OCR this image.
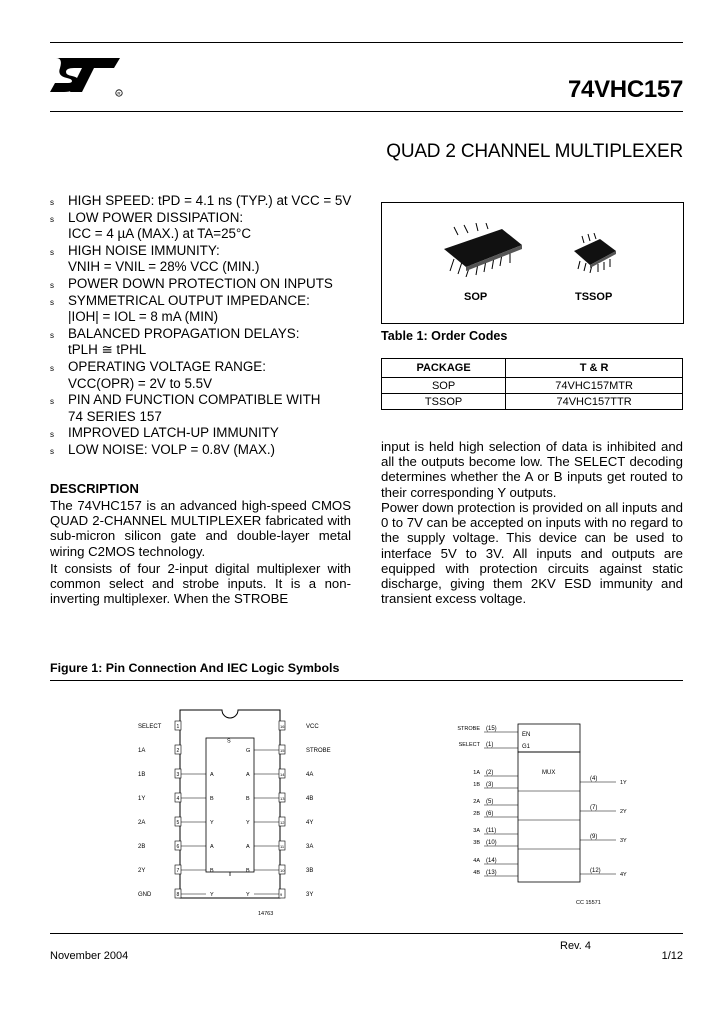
R	74VHC157
QUAD 2 CHANNEL MULTIPLEXER
s HIGH SPEED: tPD = 4.1 ns (TYP.) at VCC = 5V
s LOW POWER DISSIPATION:
ICC = 4 µA (MAX.) at TA=25°C
s HIGH NOISE IMMUNITY:
VNIH = VNIL = 28% VCC (MIN.)
s POWER DOWN PROTECTION ON INPUTS
s SYMMETRICAL OUTPUT IMPEDANCE:
|IOH| = IOL = 8 mA (MIN)
s BALANCED PROPAGATION DELAYS:
tPLH ≅ tPHL
s OPERATING VOLTAGE RANGE:
VCC(OPR) = 2V to 5.5V
s PIN AND FUNCTION COMPATIBLE WITH
74 SERIES 157
s IMPROVED LATCH-UP IMMUNITY
s LOW NOISE: VOLP = 0.8V (MAX.)
DESCRIPTION
The 74VHC157 is an advanced high-speed CMOS QUAD 2-CHANNEL MULTIPLEXER fabricated with sub-micron silicon gate and double-layer metal wiring C2MOS technology.
It consists of four 2-input digital multiplexer with common select and strobe inputs. It is a non-inverting multiplexer. When the STROBE
SOP	TSSOP
Table 1: Order Codes
PACKAGE	T & R
SOP	74VHC157MTR
TSSOP	74VHC157TTR
input is held high selection of data is inhibited and all the outputs become low. The SELECT decoding determines whether the A or B inputs get routed to their corresponding Y outputs.
Power down protection is provided on all inputs and 0 to 7V can be accepted on inputs with no regard to the supply voltage. This device can be used to interface 5V to 3V. All inputs and outputs are equipped with protection circuits against static discharge, giving them 2KV ESD immunity and transient excess voltage.
Figure 1: Pin Connection And IEC Logic Symbols
SELECT	1
1A	2
1B	3
1Y	4
2A	5
2B	6
2Y	7
GND	8
S
A
B
Y
A
B
Y
16	VCC
15	STROBE
14	4A
13	4B
12	4Y
11	3A
10	3B
9	3Y
G
A
B
Y
A
B
Y
14763
EN
G1
MUX
STROBE (15)
SELECT (1)
1A (2)
1B (3)
2A (5)
2B (6)
3A (11)
3B (10)
4A (14)
4B (13)
(4)
1Y
(7)
2Y
(9)
3Y
(12)
4Y
CC 15571
Rev. 4
November 2004	1/12
